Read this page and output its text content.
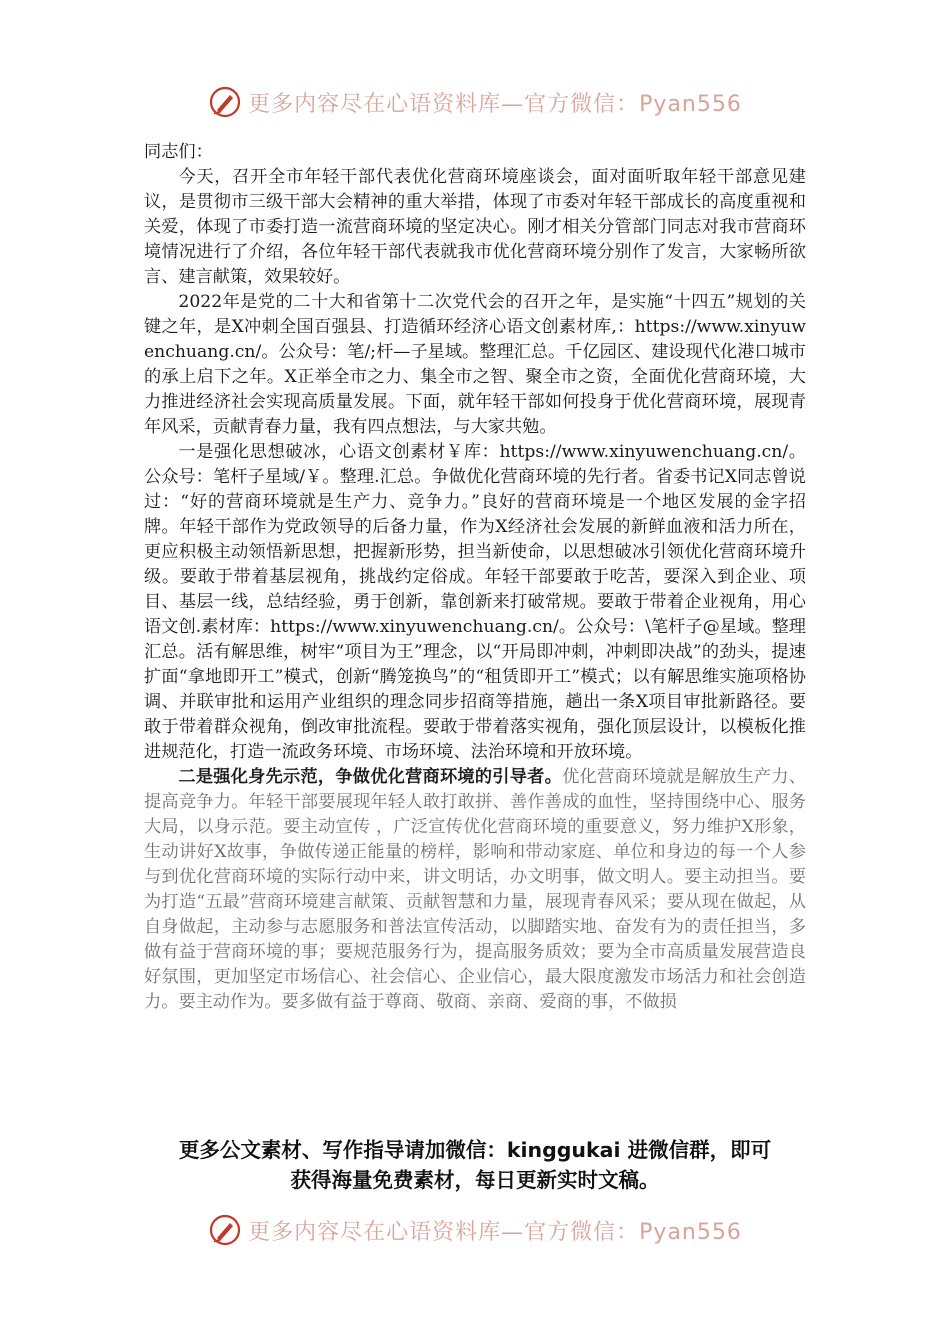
更多内容尽在心语资料库—官方微信：Pyan556

同志们：

今天，召开全市年轻干部代表优化营商环境座谈会，面对面听取年轻干部意见建议，是贯彻市三级干部大会精神的重大举措，体现了市委对年轻干部成长的高度重视和关爱，体现了市委打造一流营商环境的坚定决心。刚才相关分管部门同志对我市营商环境情况进行了介绍，各位年轻干部代表就我市优化营商环境分别作了发言，大家畅所欲言、建言献策，效果较好。

2022年是党的二十大和省第十二次党代会的召开之年，是实施“十四五”规划的关键之年，是X冲刺全国百强县、打造循环经济心语文创素材库,：https://www.xinyuwenchuang.cn/。公众号：笔/;杆—子星域。整理汇总。千亿园区、建设现代化港口城市的承上启下之年。X正举全市之力、集全市之智、聚全市之资，全面优化营商环境，大力推进经济社会实现高质量发展。下面，就年轻干部如何投身于优化营商环境，展现青年风采，贡献青春力量，我有四点想法，与大家共勉。

一是强化思想破冰，心语文创素材￥库：https://www.xinyuwenchuang.cn/。公众号：笔杆子星域/￥。整理.汇总。争做优化营商环境的先行者。省委书记X同志曾说过：“好的营商环境就是生产力、竞争力。”良好的营商环境是一个地区发展的金字招牌。年轻干部作为党政领导的后备力量，作为X经济社会发展的新鲜血液和活力所在，更应积极主动领悟新思想，把握新形势，担当新使命，以思想破冰引领优化营商环境升级。要敢于带着基层视角，挑战约定俗成。年轻干部要敢于吃苦，要深入到企业、项目、基层一线，总结经验，勇于创新，靠创新来打破常规。要敢于带着企业视角，用心语文创.素材库：https://www.xinyuwenchuang.cn/。公众号：\笔杆子@星域。整理汇总。活有解思维，树牢“项目为王”理念，以“开局即冲刺，冲刺即决战”的劲头，提速扩面“拿地即开工”模式，创新“腾笼换鸟”的“租赁即开工”模式；以有解思维实施项格协调、并联审批和运用产业组织的理念同步招商等措施，趟出一条X项目审批新路径。要敢于带着群众视角，倒改审批流程。要敢于带着落实视角，强化顶层设计，以模板化推进规范化，打造一流政务环境、市场环境、法治环境和开放环境。

二是强化身先示范，争做优化营商环境的引导者。优化营商环境就是解放生产力、提高竞争力。年轻干部要展现年轻人敢打敢拼、善作善成的血性，坚持围绕中心、服务大局，以身示范。要主动宣传 ，广泛宣传优化营商环境的重要意义，努力维护X形象，生动讲好X故事，争做传递正能量的榜样，影响和带动家庭、单位和身边的每一个人参与到优化营商环境的实际行动中来，讲文明话，办文明事，做文明人。要主动担当。要为打造“五最”营商环境建言献策、贡献智慧和力量，展现青春风采；要从现在做起，从自身做起，主动参与志愿服务和普法宣传活动，以脚踏实地、奋发有为的责任担当，多做有益于营商环境的事；要规范服务行为，提高服务质效；要为全市高质量发展营造良好氛围，更加坚定市场信心、社会信心、企业信心，最大限度激发市场活力和社会创造力。要主动作为。要多做有益于尊商、敬商、亲商、爱商的事，不做损

更多公文素材、写作指导请加微信：kinggukai 进微信群，即可
获得海量免费素材，每日更新实时文稿。
更多内容尽在心语资料库—官方微信：Pyan556
